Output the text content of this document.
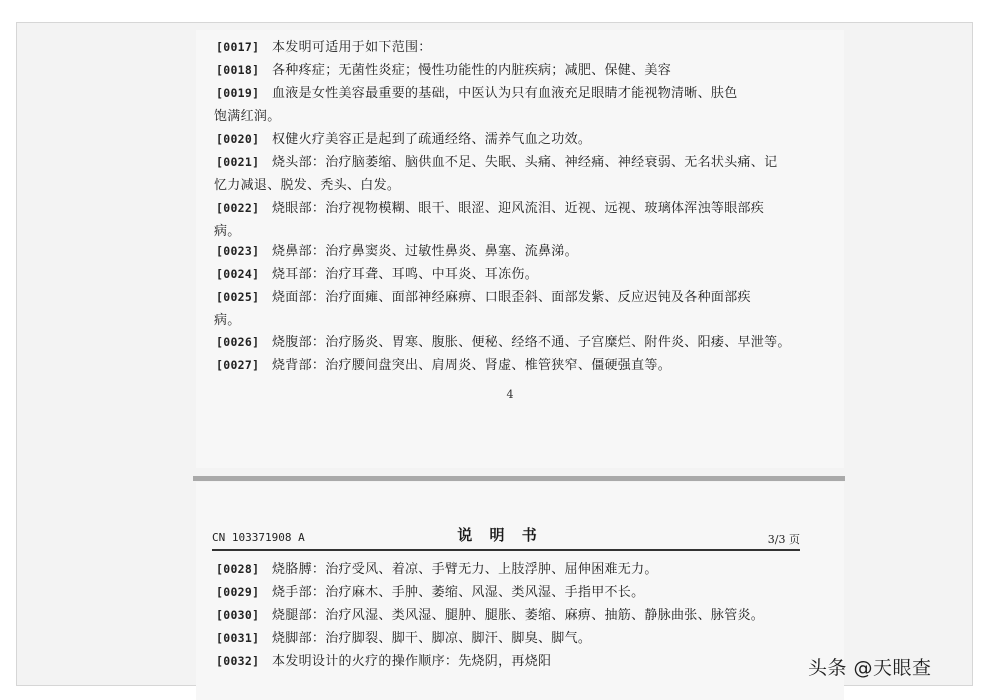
[0017] 本发明可适用于如下范围：
[0018] 各种疼症；无菌性炎症；慢性功能性的内脏疾病；减肥、保健、美容
[0019] 血液是女性美容最重要的基础，中医认为只有血液充足眼睛才能视物清晰、肤色
饱满红润。
[0020] 权健火疗美容正是起到了疏通经络、濡养气血之功效。
[0021] 烧头部：治疗脑萎缩、脑供血不足、失眠、头痛、神经痛、神经衰弱、无名状头痛、记
忆力减退、脱发、秃头、白发。
[0022] 烧眼部：治疗视物模糊、眼干、眼涩、迎风流泪、近视、远视、玻璃体浑浊等眼部疾
病。
[0023] 烧鼻部：治疗鼻窦炎、过敏性鼻炎、鼻塞、流鼻涕。
[0024] 烧耳部：治疗耳聋、耳鸣、中耳炎、耳冻伤。
[0025] 烧面部：治疗面瘫、面部神经麻痹、口眼歪斜、面部发紫、反应迟钝及各种面部疾
病。
[0026] 烧腹部：治疗肠炎、胃寒、腹胀、便秘、经络不通、子宫糜烂、附件炎、阳痿、早泄等。
[0027] 烧背部：治疗腰间盘突出、肩周炎、肾虚、椎管狭窄、僵硬强直等。
4
CN 103371908 A	说 明 书	3/3 页
[0028] 烧胳膊：治疗受风、着凉、手臂无力、上肢浮肿、屈伸困难无力。
[0029] 烧手部：治疗麻木、手肿、萎缩、风湿、类风湿、手指甲不长。
[0030] 烧腿部：治疗风湿、类风湿、腿肿、腿胀、萎缩、麻痹、抽筋、静脉曲张、脉管炎。
[0031] 烧脚部：治疗脚裂、脚干、脚凉、脚汗、脚臭、脚气。
[0032] 本发明设计的火疗的操作顺序：先烧阴，再烧阳	头条 @天眼查
